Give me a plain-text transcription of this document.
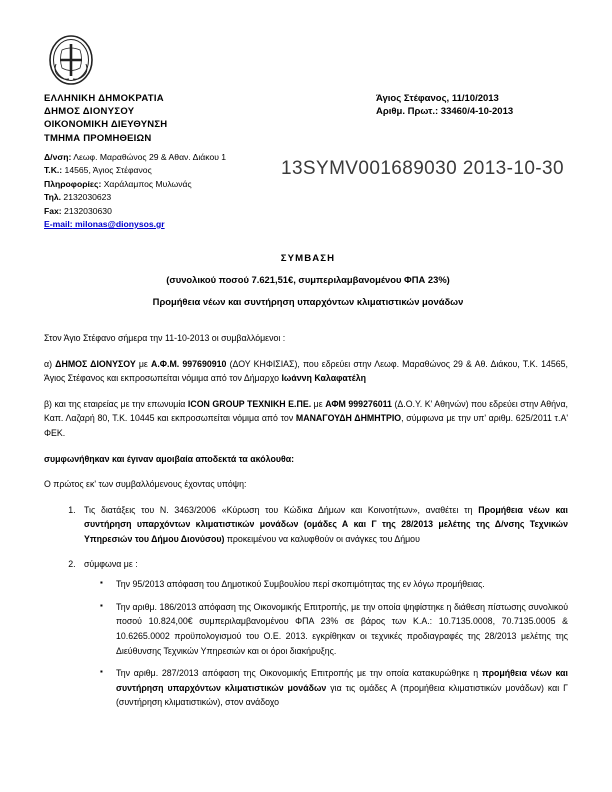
ΕΛΛΗΝΙΚΗ ΔΗΜΟΚΡΑΤΙΑ	Άγιος Στέφανος, 11/10/2013
ΔΗΜΟΣ ΔΙΟΝΥΣΟΥ	Αριθμ. Πρωτ.: 33460/4-10-2013
ΟΙΚΟΝΟΜΙΚΗ ΔΙΕΥΘΥΝΣΗ
ΤΜΗΜΑ ΠΡΟΜΗΘΕΙΩΝ
Δ/νση: Λεωφ. Μαραθώνος 29 & Αθαν. Διάκου 1
Τ.Κ.: 14565, Άγιος Στέφανος
Πληροφορίες: Χαράλαμπος Μυλωνάς
Τηλ. 2132030623
Fax: 2132030630
E-mail: milonas@dionysos.gr
13SYMV001689030 2013-10-30
ΣΥΜΒΑΣΗ
(συνολικού ποσού 7.621,51€, συμπεριλαμβανομένου ΦΠΑ 23%)
Προμήθεια νέων και συντήρηση υπαρχόντων κλιματιστικών μονάδων
Στον Άγιο Στέφανο σήμερα την 11-10-2013 οι συμβαλλόμενοι :
α) ΔΗΜΟΣ ΔΙΟΝΥΣΟΥ με Α.Φ.Μ. 997690910 (ΔΟΥ ΚΗΦΙΣΙΑΣ), που εδρεύει στην Λεωφ. Μαραθώνος 29 & Αθ. Διάκου, Τ.Κ. 14565, Άγιος Στέφανος και εκπροσωπείται νόμιμα από τον Δήμαρχο Ιωάννη Καλαφατέλη
β) και της εταιρείας με την επωνυμία ICON GROUP ΤΕΧΝΙΚΗ Ε.ΠΕ. με ΑΦΜ 999276011 (Δ.Ο.Υ. Κ' Αθηνών) που εδρεύει στην Αθήνα, Καπ. Λαζαρή 80, Τ.Κ. 10445 και εκπροσωπείται νόμιμα από τον ΜΑΝΑΓΟΥΔΗ ΔΗΜΗΤΡΙΟ, σύμφωνα με την υπ' αριθμ. 625/2011 τ.Α' ΦΕΚ.
συμφωνήθηκαν και έγιναν αμοιβαία αποδεκτά τα ακόλουθα:
Ο πρώτος εκ' των συμβαλλόμενους έχοντας υπόψη:
1. Τις διατάξεις του Ν. 3463/2006 «Κύρωση του Κώδικα Δήμων και Κοινοτήτων», αναθέτει τη Προμήθεια νέων και συντήρηση υπαρχόντων κλιματιστικών μονάδων (ομάδες Α και Γ της 28/2013 μελέτης της Δ/νσης Τεχνικών Υπηρεσιών του Δήμου Διονύσου) προκειμένου να καλυφθούν οι ανάγκες του Δήμου
2. σύμφωνα με :
▪ Την 95/2013 απόφαση του Δημοτικού Συμβουλίου περί σκοπιμότητας της εν λόγω προμήθειας.
▪ Την αριθμ. 186/2013 απόφαση της Οικονομικής Επιτροπής, με την οποία ψηφίστηκε η διάθεση πίστωσης συνολικού ποσού 10.824,00€ συμπεριλαμβανομένου ΦΠΑ 23% σε βάρος των Κ.Α.: 10.7135.0008, 70.7135.0005 & 10.6265.0002 προϋπολογισμού του Ο.Ε. 2013. εγκρίθηκαν οι τεχνικές προδιαγραφές της 28/2013 μελέτης της Διεύθυνσης Τεχνικών Υπηρεσιών και οι όροι διακήρυξης.
▪ Την αριθμ. 287/2013 απόφαση της Οικονομικής Επιτροπής με την οποία κατακυρώθηκε η προμήθεια νέων και συντήρηση υπαρχόντων κλιματιστικών μονάδων για τις ομάδες Α (προμήθεια κλιματιστικών μονάδων) και Γ (συντήρηση κλιματιστικών), στον ανάδοχο
